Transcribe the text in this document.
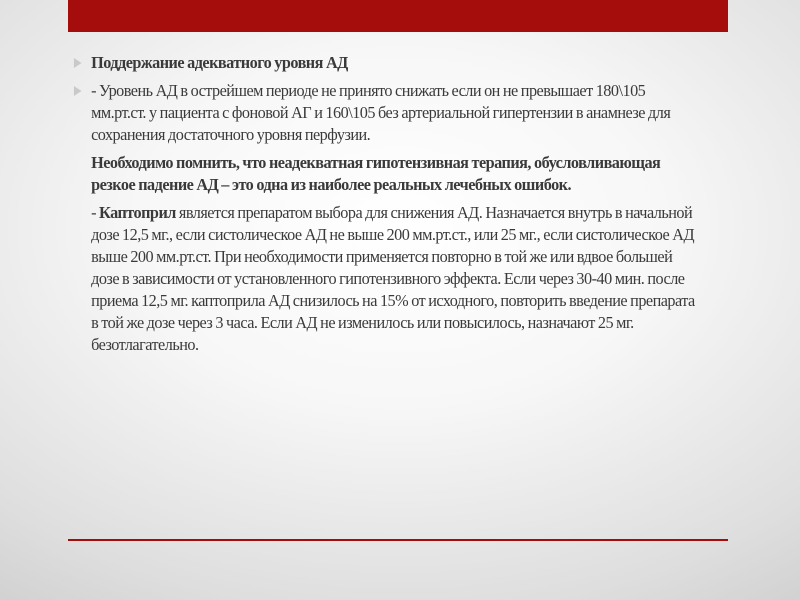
Поддержание адекватного уровня АД
- Уровень АД в острейшем периоде не принято снижать если он не превышает 180\105 мм.рт.ст. у пациента с фоновой АГ и 160\105 без артериальной гипертензии в анамнезе для сохранения достаточного уровня перфузии.
Необходимо помнить, что неадекватная гипотензивная терапия, обусловливающая резкое падение АД – это одна из наиболее реальных лечебных ошибок.
- Каптоприл является препаратом выбора для снижения АД. Назначается внутрь в начальной дозе 12,5 мг., если систолическое АД не выше 200 мм.рт.ст., или 25 мг., если систолическое АД выше 200 мм.рт.ст. При необходимости применяется повторно в той же или вдвое большей дозе в зависимости от установленного гипотензивного эффекта. Если через 30-40 мин. после приема 12,5 мг. каптоприла АД снизилось на 15% от исходного, повторить введение препарата в той же дозе через 3 часа. Если АД не изменилось или повысилось, назначают 25 мг. безотлагательно.
